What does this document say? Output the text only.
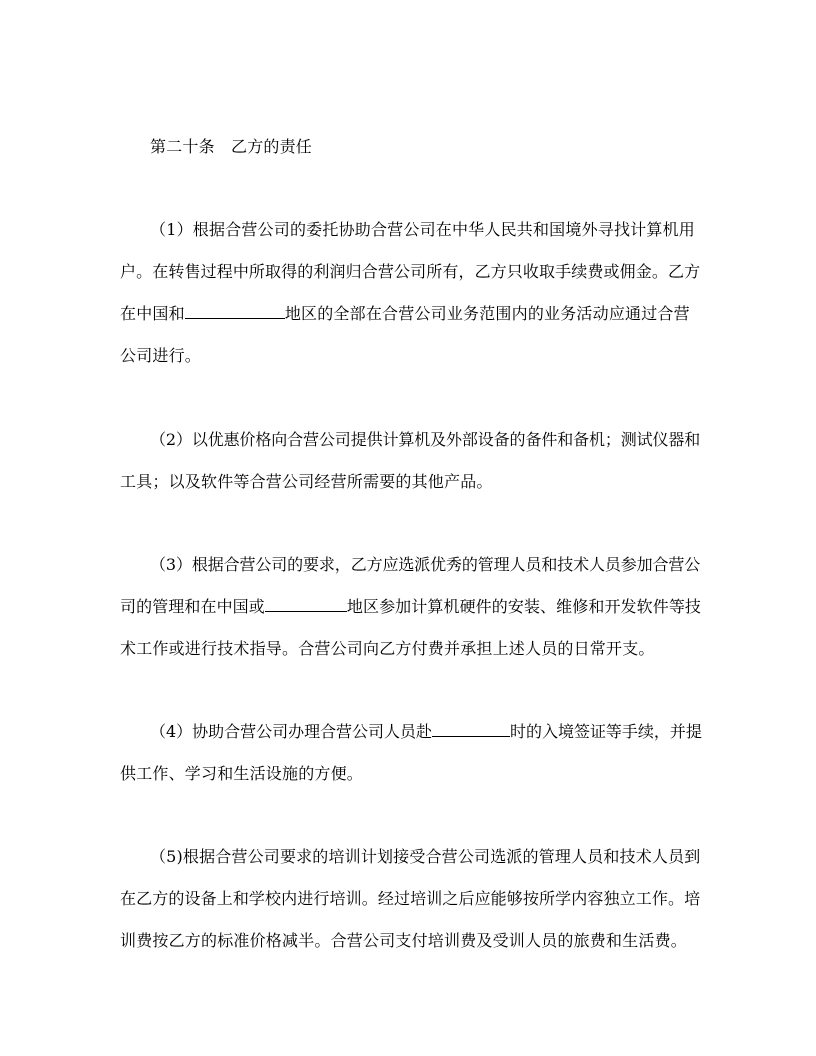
第二十条　乙方的责任
（1）根据合营公司的委托协助合营公司在中华人民共和国境外寻找计算机用
户。在转售过程中所取得的利润归合营公司所有，乙方只收取手续费或佣金。乙方
在中国和	地区的全部在合营公司业务范围内的业务活动应通过合营
公司进行。
（2）以优惠价格向合营公司提供计算机及外部设备的备件和备机；测试仪器和
工具；以及软件等合营公司经营所需要的其他产品。
（3）根据合营公司的要求，乙方应选派优秀的管理人员和技术人员参加合营公
司的管理和在中国或	地区参加计算机硬件的安装、维修和开发软件等技
术工作或进行技术指导。合营公司向乙方付费并承担上述人员的日常开支。
（4）协助合营公司办理合营公司人员赴	时的入境签证等手续，并提
供工作、学习和生活设施的方便。
（5)根据合营公司要求的培训计划接受合营公司选派的管理人员和技术人员到
在乙方的设备上和学校内进行培训。经过培训之后应能够按所学内容独立工作。培
训费按乙方的标准价格减半。合营公司支付培训费及受训人员的旅费和生活费。
